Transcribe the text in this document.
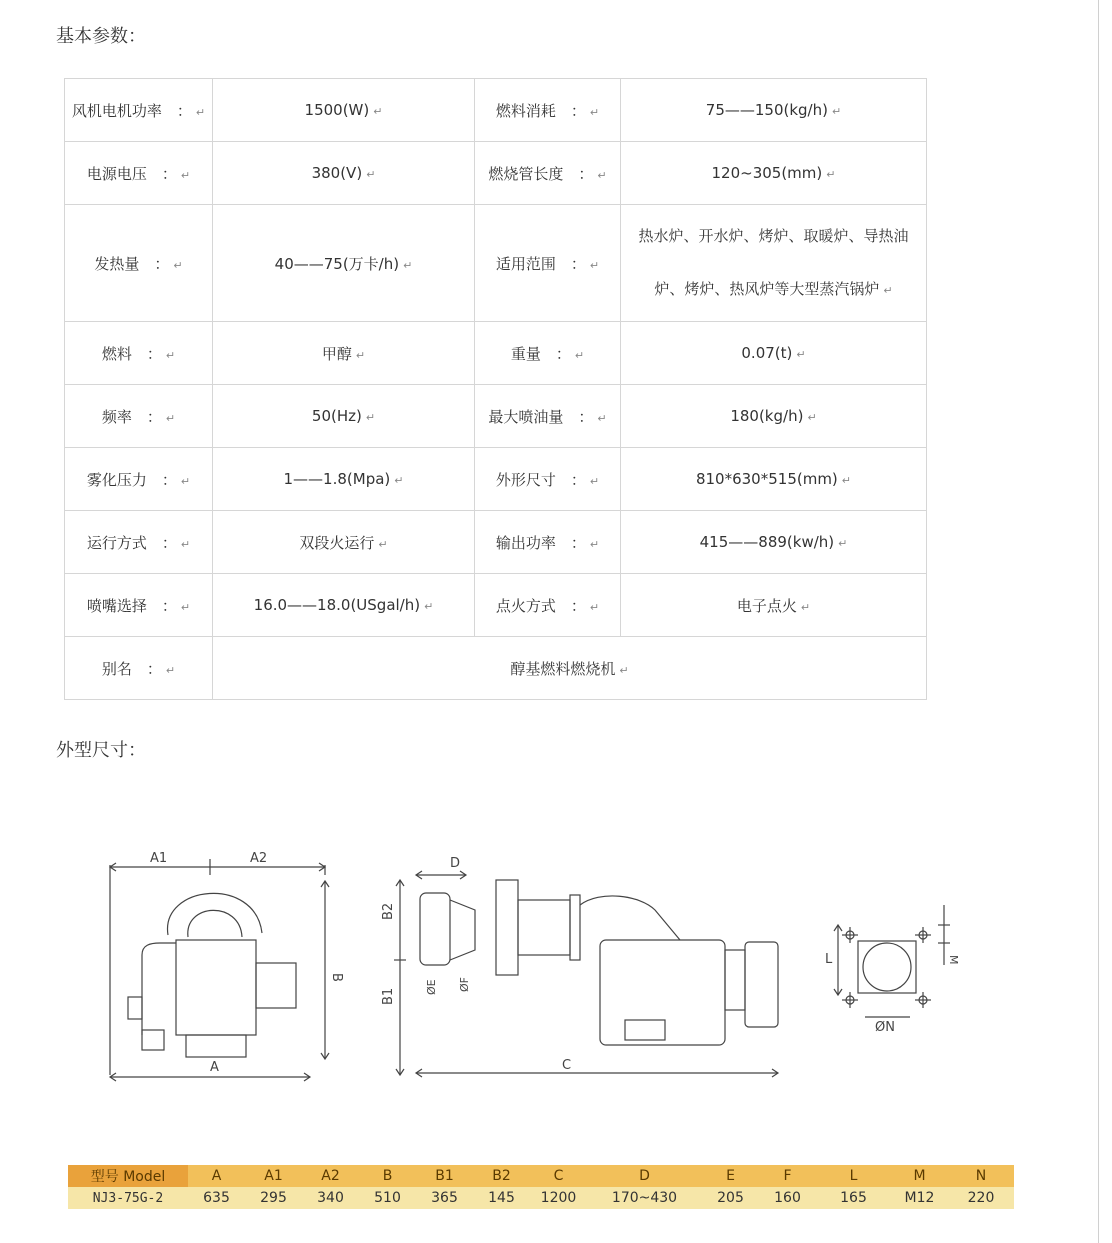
基本参数：
风机电机功率　： ↵	1500(W) ↵	燃料消耗　： ↵	75——150(kg/h) ↵
电源电压　： ↵	380(V) ↵	燃烧管长度　： ↵	120~305(mm) ↵
发热量　： ↵	40——75(万卡/h) ↵	适用范围　： ↵	热水炉、开水炉、烤炉、取暖炉、导热油
炉、烤炉、热风炉等大型蒸汽锅炉 ↵
燃料　： ↵	甲醇 ↵	重量　： ↵	0.07(t) ↵
频率　： ↵	50(Hz) ↵	最大喷油量　： ↵	180(kg/h) ↵
雾化压力　： ↵	1——1.8(Mpa) ↵	外形尺寸　： ↵	810*630*515(mm) ↵
运行方式　： ↵	双段火运行 ↵	输出功率　： ↵	415——889(kw/h) ↵
喷嘴选择　： ↵	16.0——18.0(USgal/h) ↵	点火方式　： ↵	电子点火 ↵
别名　： ↵	醇基燃料燃烧机 ↵		
外型尺寸：
A1	A2
B
A
D
B2
B1
ØE ØF
C
L
ØN
M
型号 Model	A	A1	A2	B	B1	B2	C	D	E	F	L	M	N
NJ3-75G-2	635	295	340	510	365	145	1200	170~430	205	160	165	M12	220
